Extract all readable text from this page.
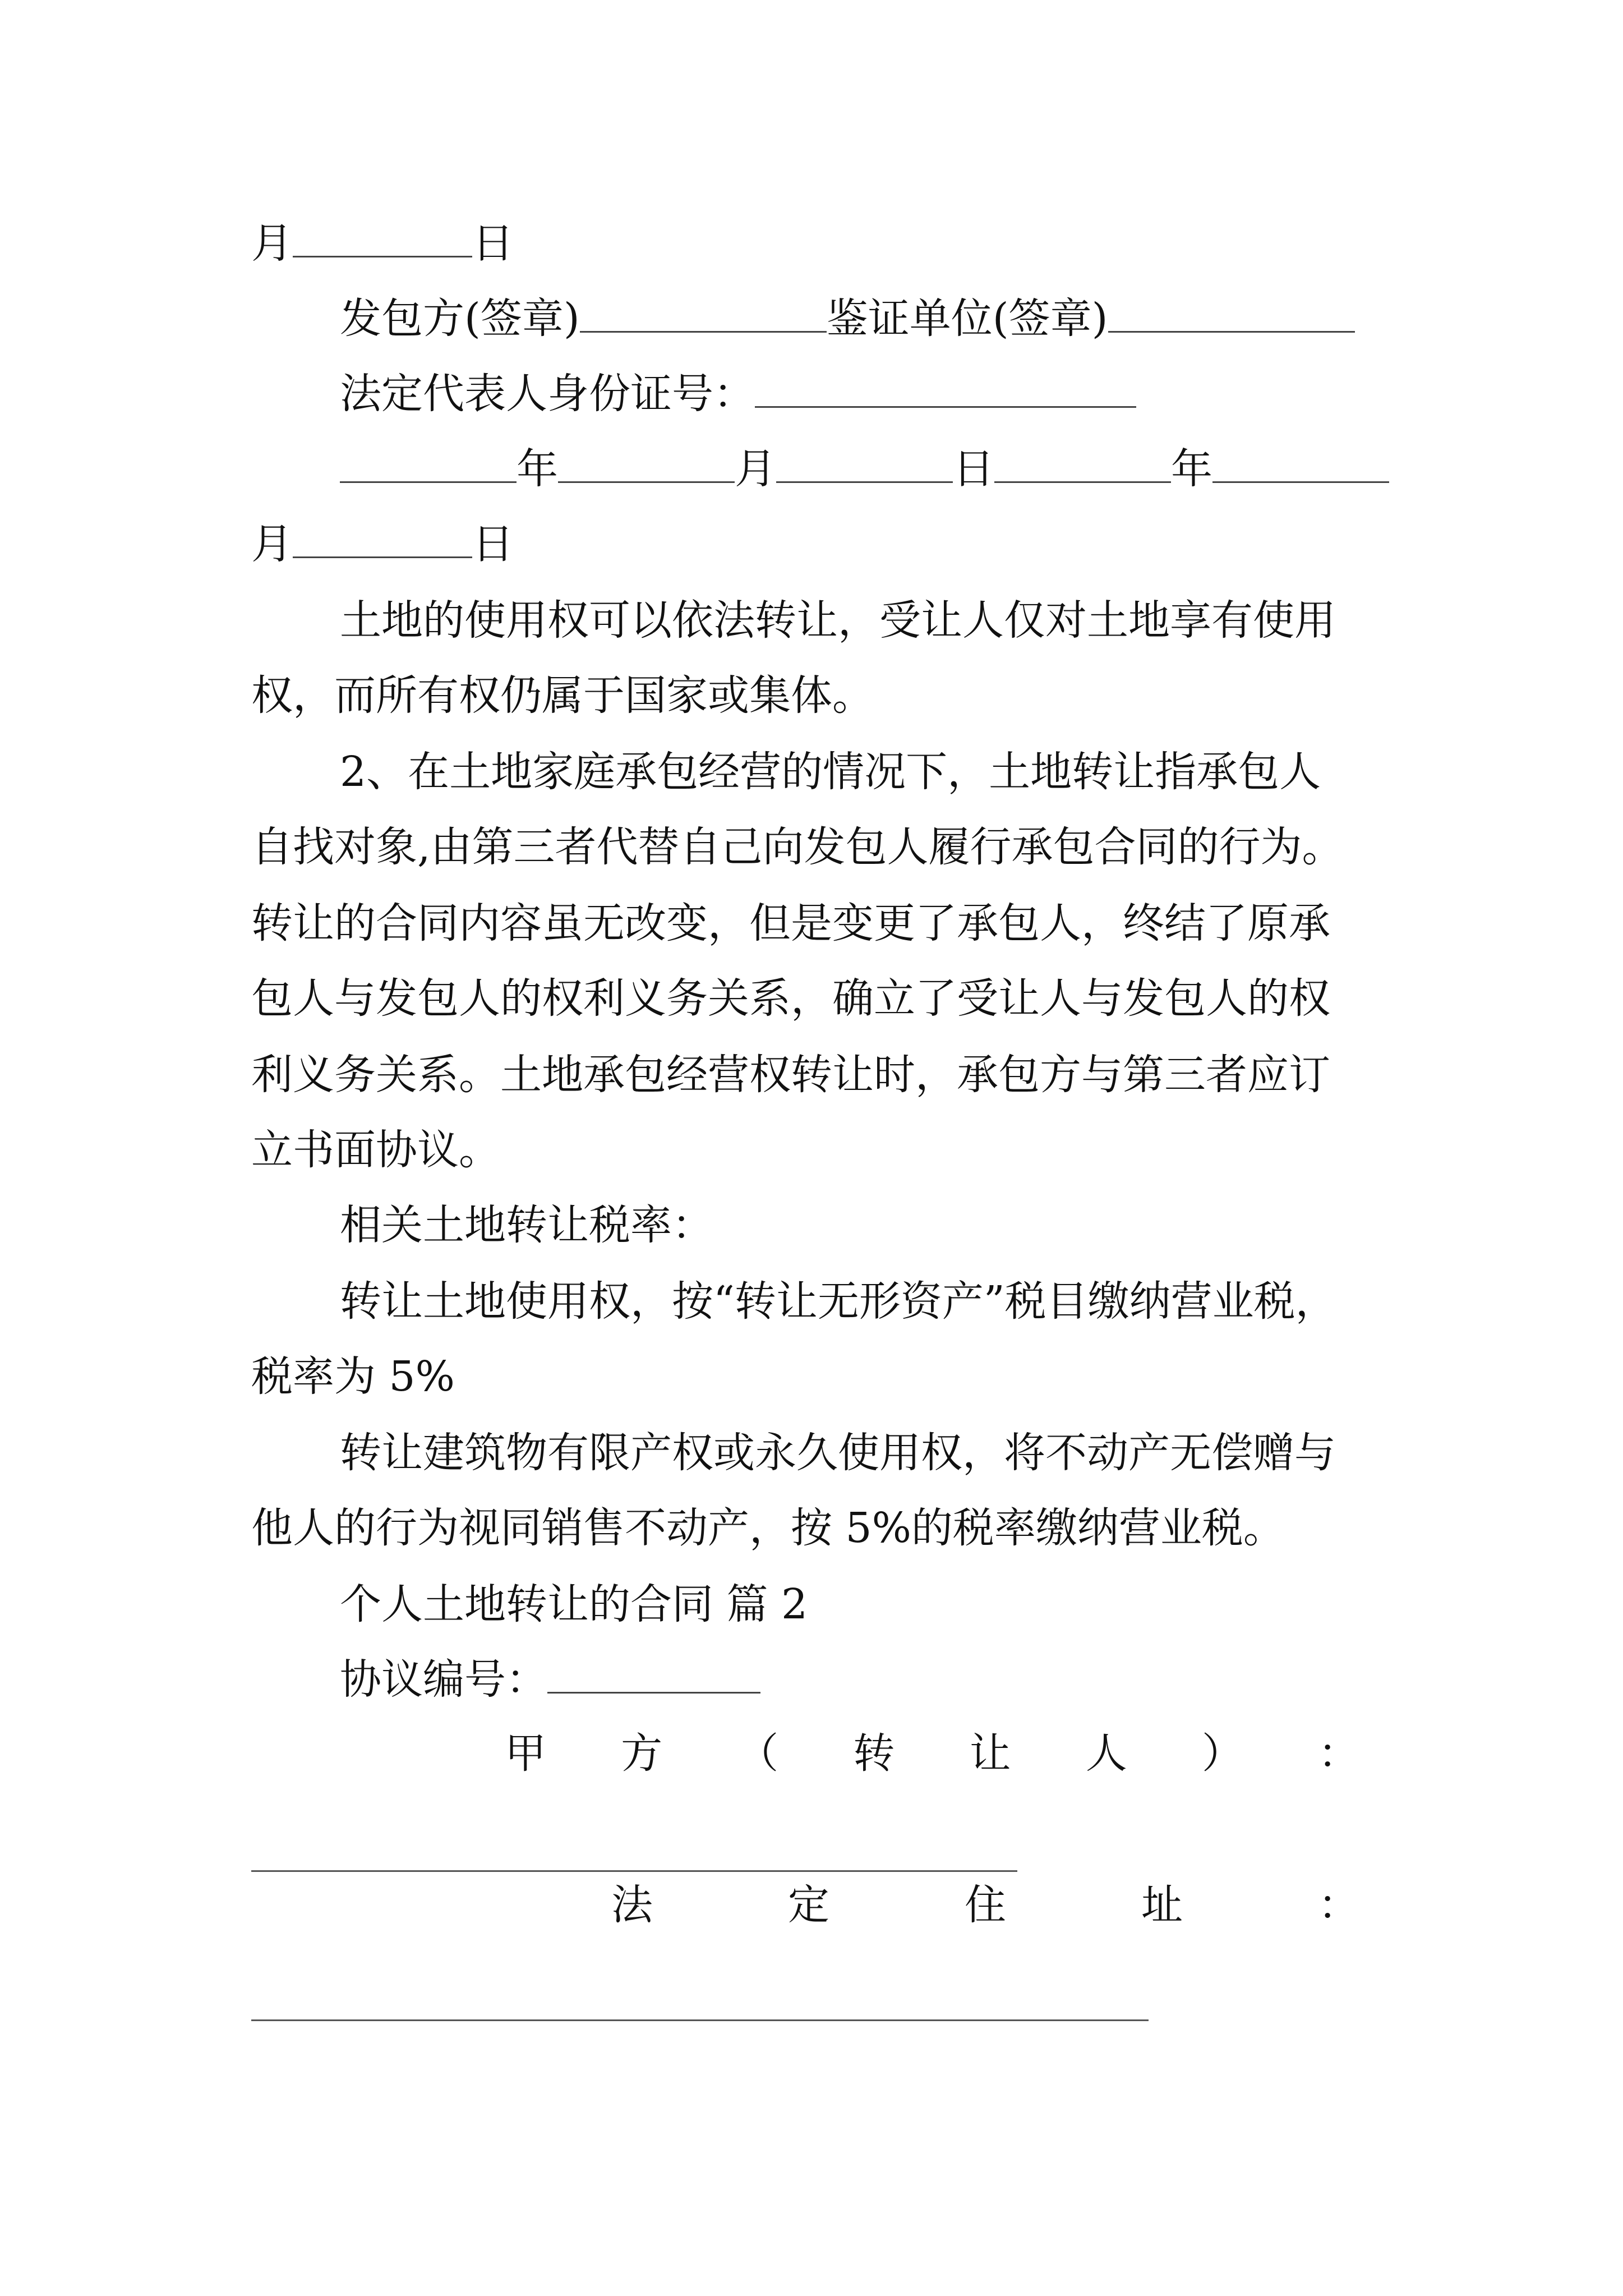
月	日
发包方(签章)	鉴证单位(签章)
法定代表人身份证号：
年	月	日	年
月	日
土地的使用权可以依法转让，受让人仅对土地享有使用
权，而所有权仍属于国家或集体。
2、在土地家庭承包经营的情况下，土地转让指承包人
自找对象,由第三者代替自己向发包人履行承包合同的行为。
转让的合同内容虽无改变，但是变更了承包人，终结了原承
包人与发包人的权利义务关系，确立了受让人与发包人的权
利义务关系。土地承包经营权转让时，承包方与第三者应订
立书面协议。
相关土地转让税率：
转让土地使用权，按“转让无形资产”税目缴纳营业税，
税率为 5%
转让建筑物有限产权或永久使用权，将不动产无偿赠与
他人的行为视同销售不动产，按 5%的税率缴纳营业税。
个人土地转让的合同 篇 2
协议编号：
甲 方 （ 转 让 人 ） ：
法	定	住	址	：
